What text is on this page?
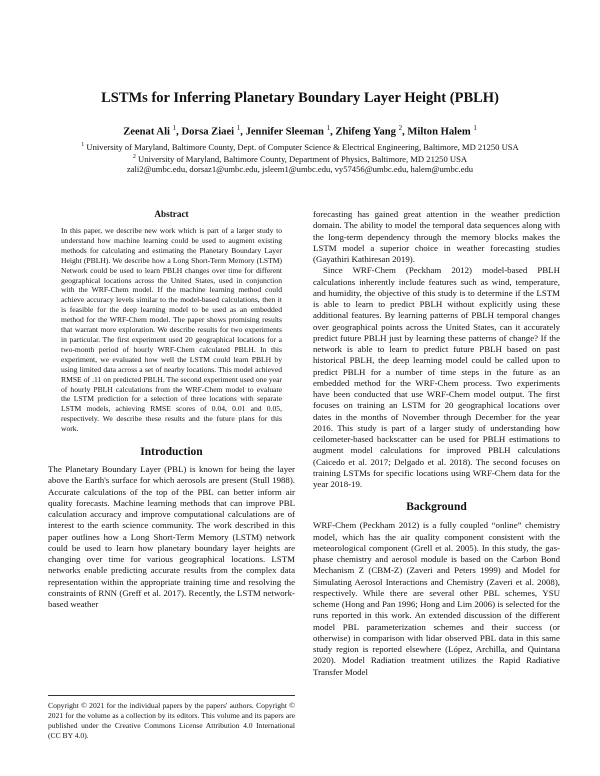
LSTMs for Inferring Planetary Boundary Layer Height (PBLH)

Zeenat Ali $^1$, Dorsa Ziaei $^1$, Jennifer Sleeman $^1$, Zhifeng Yang $^2$, Milton Halem $^1$

$^1$ University of Maryland, Baltimore County, Dept. of Computer Science & Electrical Engineering, Baltimore, MD 21250 USA

$^2$ University of Maryland, Baltimore County, Department of Physics, Baltimore, MD 21250 USA

zali2@umbc.edu, dorsaz1@umbc.edu, jsleem1@umbc.edu, vy57456@umbc.edu, halem@umbc.edu

Abstract

In this paper, we describe new work which is part of a larger study to understand how machine learning could be used to augment existing methods for calculating and estimating the Planetary Boundary Layer Height (PBLH). We describe how a Long Short-Term Memory (LSTM) Network could be used to learn PBLH changes over time for different geographical locations across the United States, used in conjunction with the WRF-Chem model. If the machine learning method could achieve accuracy levels similar to the model-based calculations, then it is feasible for the deep learning model to be used as an embedded method for the WRF-Chem model. The paper shows promising results that warrant more exploration. We describe results for two experiments in particular. The first experiment used 20 geographical locations for a two-month period of hourly WRF-Chem calculated PBLH. In this experiment, we evaluated how well the LSTM could learn PBLH by using limited data across a set of nearby locations. This model achieved RMSE of .11 on predicted PBLH. The second experiment used one year of hourly PBLH calculations from the WRF-Chem model to evaluate the LSTM prediction for a selection of three locations with separate LSTM models, achieving RMSE scores of 0.04, 0.01 and 0.05, respectively. We describe these results and the future plans for this work.

Introduction

The Planetary Boundary Layer (PBL) is known for being the layer above the Earth's surface for which aerosols are present (Stull 1988). Accurate calculations of the top of the PBL can better inform air quality forecasts. Machine learning methods that can improve PBL calculation accuracy and improve computational calculations are of interest to the earth science community. The work described in this paper outlines how a Long Short-Term Memory (LSTM) network could be used to learn how planetary boundary layer heights are changing over time for various geographical locations. LSTM networks enable predicting accurate results from the complex data representation within the appropriate training time and resolving the constraints of RNN (Greff et al. 2017). Recently, the LSTM network-based weather

forecasting has gained great attention in the weather prediction domain. The ability to model the temporal data sequences along with the long-term dependency through the memory blocks makes the LSTM model a superior choice in weather forecasting studies (Gayathiri Kathiresan 2019).

Since WRF-Chem (Peckham 2012) model-based PBLH calculations inherently include features such as wind, temperature, and humidity, the objective of this study is to determine if the LSTM is able to learn to predict PBLH without explicitly using these additional features. By learning patterns of PBLH temporal changes over geographical points across the United States, can it accurately predict future PBLH just by learning these patterns of change? If the network is able to learn to predict future PBLH based on past historical PBLH, the deep learning model could be called upon to predict PBLH for a number of time steps in the future as an embedded method for the WRF-Chem process. Two experiments have been conducted that use WRF-Chem model output. The first focuses on training an LSTM for 20 geographical locations over dates in the months of November through December for the year 2016. This study is part of a larger study of understanding how ceilometer-based backscatter can be used for PBLH estimations to augment model calculations for improved PBLH calculations (Caicedo et al. 2017; Delgado et al. 2018). The second focuses on training LSTMs for specific locations using WRF-Chem data for the year 2018-19.

Background

WRF-Chem (Peckham 2012) is a fully coupled “online” chemistry model, which has the air quality component consistent with the meteorological component (Grell et al. 2005). In this study, the gas-phase chemistry and aerosol module is based on the Carbon Bond Mechanism Z (CBM-Z) (Zaveri and Peters 1999) and Model for Simulating Aerosol Interactions and Chemistry (Zaveri et al. 2008), respectively. While there are several other PBL schemes, YSU scheme (Hong and Pan 1996; Hong and Lim 2006) is selected for the runs reported in this work. An extended discussion of the different model PBL parameterization schemes and their success (or otherwise) in comparison with lidar observed PBL data in this same study region is reported elsewhere (López, Archilla, and Quintana 2020). Model Radiation treatment utilizes the Rapid Radiative Transfer Model

Copyright © 2021 for the individual papers by the papers' authors. Copyright © 2021 for the volume as a collection by its editors. This volume and its papers are published under the Creative Commons License Attribution 4.0 International (CC BY 4.0).
